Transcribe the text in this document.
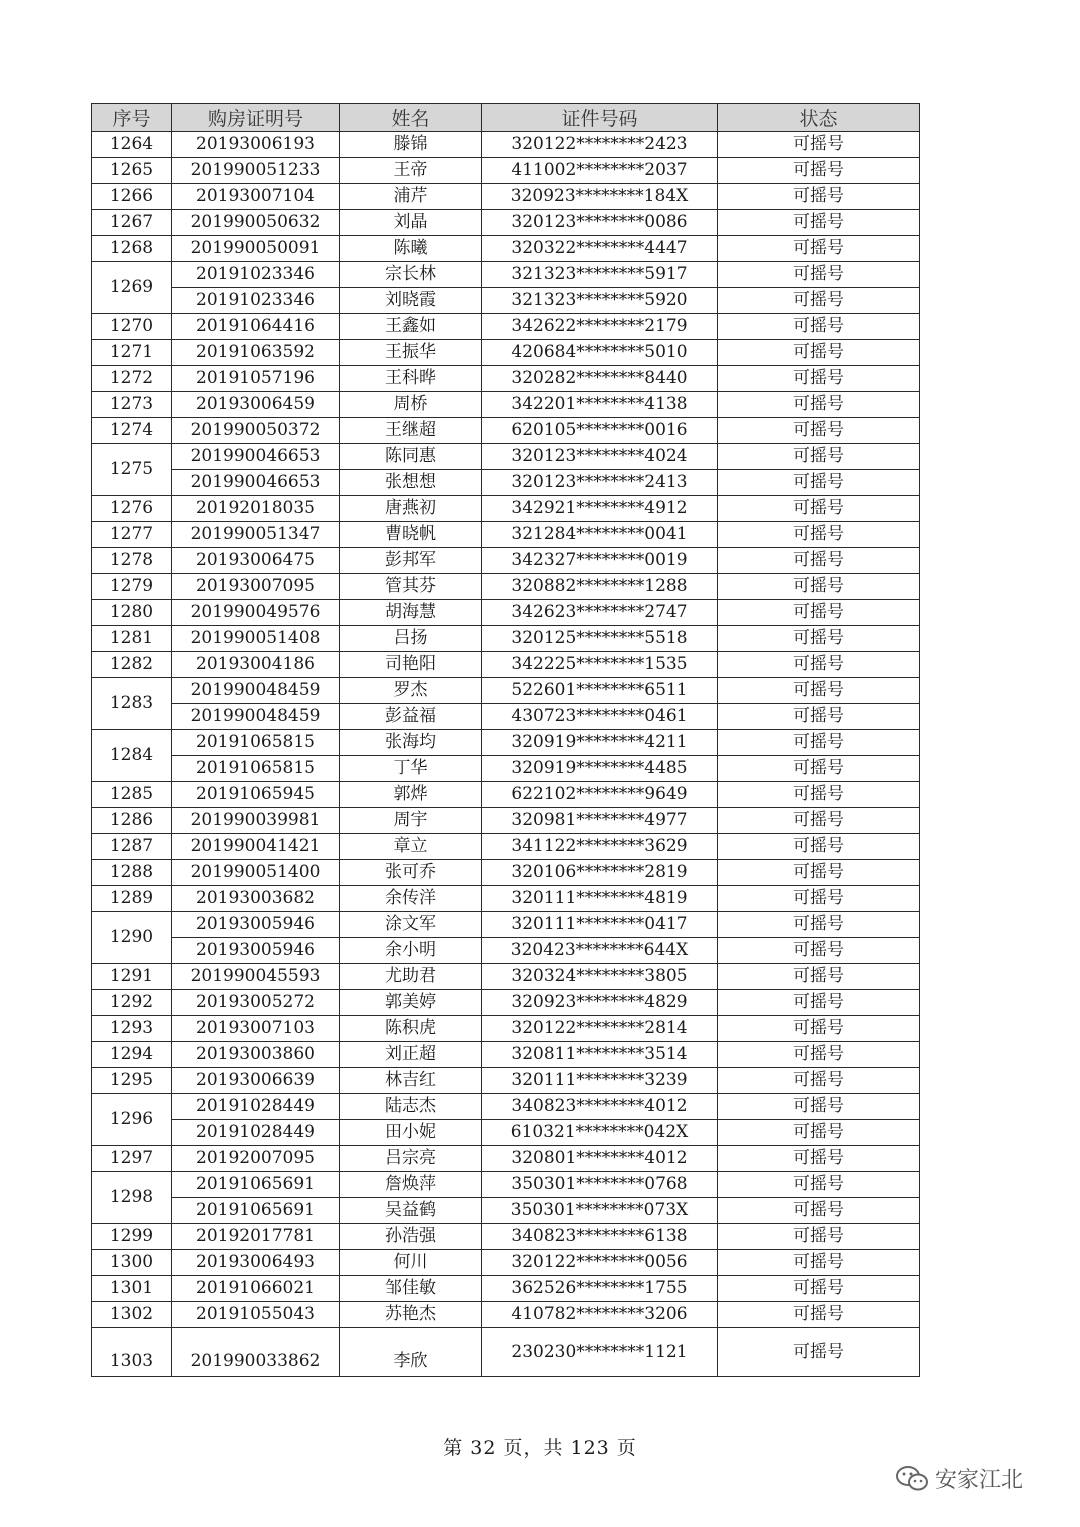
序号	购房证明号	姓名	证件号码	状态
1264	20193006193	滕锦	320122********2423	可摇号
1265	201990051233	王帝	411002********2037	可摇号
1266	20193007104	浦芹	320923********184X	可摇号
1267	201990050632	刘晶	320123********0086	可摇号
1268	201990050091	陈曦	320322********4447	可摇号
1269	20191023346	宗长林	321323********5917	可摇号
	20191023346	刘晓霞	321323********5920	可摇号
1270	20191064416	王鑫如	342622********2179	可摇号
1271	20191063592	王振华	420684********5010	可摇号
1272	20191057196	王科晔	320282********8440	可摇号
1273	20193006459	周桥	342201********4138	可摇号
1274	201990050372	王继超	620105********0016	可摇号
1275	201990046653	陈同惠	320123********4024	可摇号
	201990046653	张想想	320123********2413	可摇号
1276	20192018035	唐燕初	342921********4912	可摇号
1277	201990051347	曹晓帆	321284********0041	可摇号
1278	20193006475	彭邦军	342327********0019	可摇号
1279	20193007095	管其芬	320882********1288	可摇号
1280	201990049576	胡海慧	342623********2747	可摇号
1281	201990051408	吕扬	320125********5518	可摇号
1282	20193004186	司艳阳	342225********1535	可摇号
1283	201990048459	罗杰	522601********6511	可摇号
	201990048459	彭益福	430723********0461	可摇号
1284	20191065815	张海均	320919********4211	可摇号
	20191065815	丁华	320919********4485	可摇号
1285	20191065945	郭烨	622102********9649	可摇号
1286	201990039981	周宇	320981********4977	可摇号
1287	201990041421	章立	341122********3629	可摇号
1288	201990051400	张可乔	320106********2819	可摇号
1289	20193003682	余传洋	320111********4819	可摇号
1290	20193005946	涂文军	320111********0417	可摇号
	20193005946	余小明	320423********644X	可摇号
1291	201990045593	尤助君	320324********3805	可摇号
1292	20193005272	郭美婷	320923********4829	可摇号
1293	20193007103	陈积虎	320122********2814	可摇号
1294	20193003860	刘正超	320811********3514	可摇号
1295	20193006639	林吉红	320111********3239	可摇号
1296	20191028449	陆志杰	340823********4012	可摇号
	20191028449	田小妮	610321********042X	可摇号
1297	20192007095	吕宗亮	320801********4012	可摇号
1298	20191065691	詹焕萍	350301********0768	可摇号
	20191065691	吴益鹤	350301********073X	可摇号
1299	20192017781	孙浩强	340823********6138	可摇号
1300	20193006493	何川	320122********0056	可摇号
1301	20191066021	邹佳敏	362526********1755	可摇号
1302	20191055043	苏艳杰	410782********3206	可摇号
1303	201990033862	李欣	230230********1121	可摇号
第 32 页，共 123 页
安家江北
